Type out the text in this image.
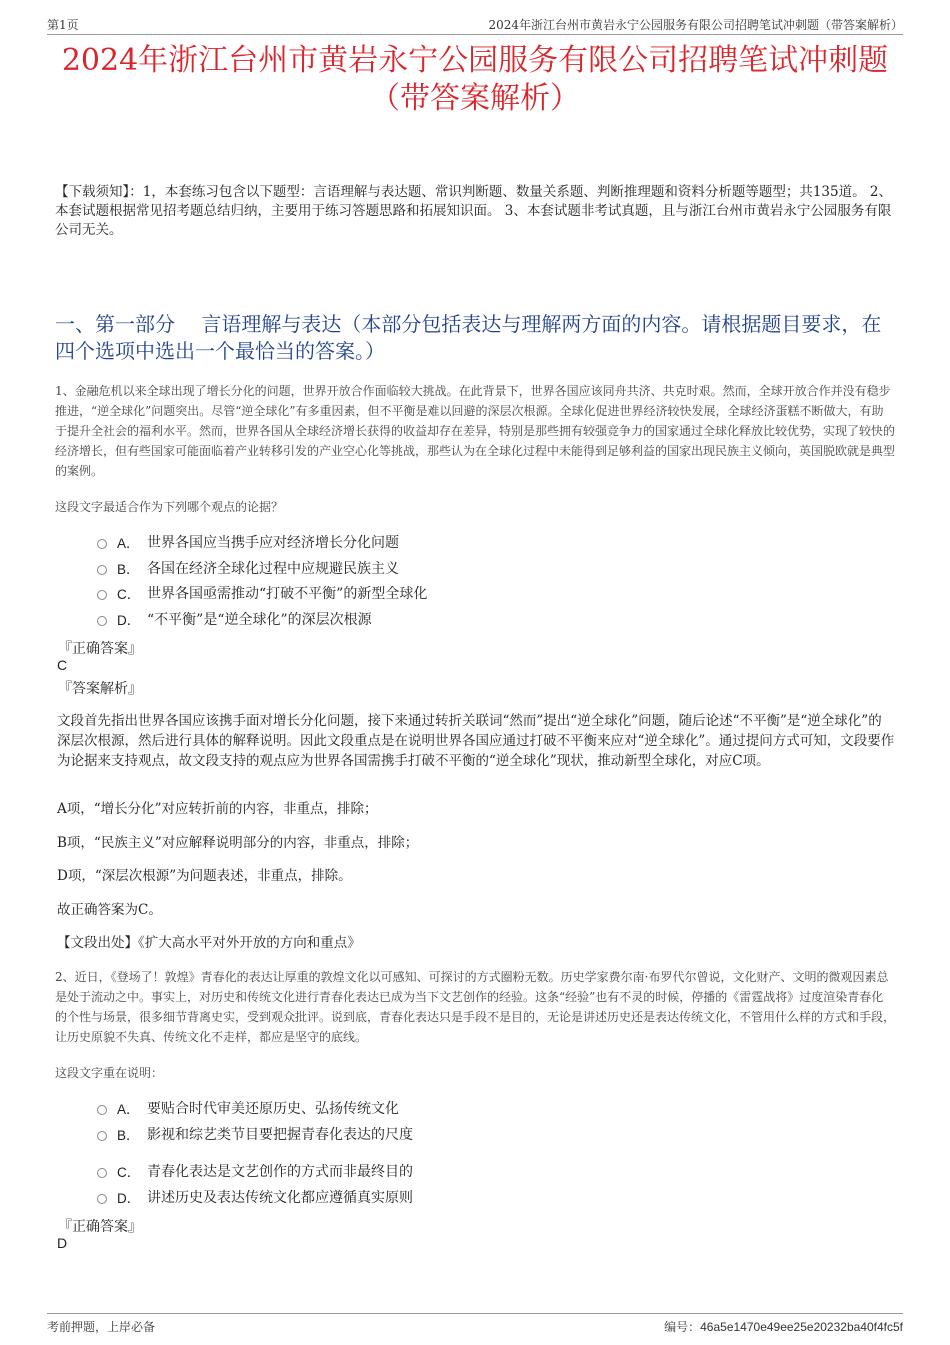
第1页	2024年浙江台州市黄岩永宁公园服务有限公司招聘笔试冲刺题（带答案解析）
2024年浙江台州市黄岩永宁公园服务有限公司招聘笔试冲刺题
（带答案解析）
【下载须知】：1，本套练习包含以下题型：言语理解与表达题、常识判断题、数量关系题、判断推理题和资料分析题等题型；共135道。 2、本套试题根据常见招考题总结归纳，主要用于练习答题思路和拓展知识面。 3、本套试题非考试真题，且与浙江台州市黄岩永宁公园服务有限公司无关。
一、第一部分　 言语理解与表达（本部分包括表达与理解两方面的内容。请根据题目要求，在四个选项中选出一个最恰当的答案。）
1、金融危机以来全球出现了增长分化的问题，世界开放合作面临较大挑战。在此背景下，世界各国应该同舟共济、共克时艰。然而，全球开放合作并没有稳步推进，“逆全球化”问题突出。尽管“逆全球化”有多重因素，但不平衡是难以回避的深层次根源。全球化促进世界经济较快发展，全球经济蛋糕不断做大，有助于提升全社会的福利水平。然而，世界各国从全球经济增长获得的收益却存在差异，特别是那些拥有较强竞争力的国家通过全球化释放比较优势，实现了较快的经济增长，但有些国家可能面临着产业转移引发的产业空心化等挑战，那些认为在全球化过程中未能得到足够利益的国家出现民族主义倾向，英国脱欧就是典型的案例。
这段文字最适合作为下列哪个观点的论据？
A． 世界各国应当携手应对经济增长分化问题
B． 各国在经济全球化过程中应规避民族主义
C． 世界各国亟需推动“打破不平衡”的新型全球化
D． “不平衡”是“逆全球化”的深层次根源
『正确答案』
C
『答案解析』
文段首先指出世界各国应该携手面对增长分化问题，接下来通过转折关联词“然而”提出“逆全球化”问题，随后论述“不平衡”是“逆全球化”的深层次根源，然后进行具体的解释说明。因此文段重点是在说明世界各国应通过打破不平衡来应对“逆全球化”。通过提问方式可知，文段要作为论据来支持观点，故文段支持的观点应为世界各国需携手打破不平衡的“逆全球化”现状，推动新型全球化，对应C项。
A项，“增长分化”对应转折前的内容，非重点，排除；
B项，“民族主义”对应解释说明部分的内容，非重点，排除；
D项，“深层次根源”为问题表述，非重点，排除。
故正确答案为C。
【文段出处】《扩大高水平对外开放的方向和重点》
2、近日，《登场了！敦煌》青春化的表达让厚重的敦煌文化以可感知、可探讨的方式圈粉无数。历史学家费尔南·布罗代尔曾说，文化财产、文明的微观因素总是处于流动之中。事实上，对历史和传统文化进行青春化表达已成为当下文艺创作的经验。这条“经验”也有不灵的时候，停播的《雷霆战将》过度渲染青春化的个性与场景，很多细节背离史实，受到观众批评。说到底，青春化表达只是手段不是目的，无论是讲述历史还是表达传统文化，不管用什么样的方式和手段，让历史原貌不失真、传统文化不走样，都应是坚守的底线。
这段文字重在说明：
A． 要贴合时代审美还原历史、弘扬传统文化
B． 影视和综艺类节目要把握青春化表达的尺度
C． 青春化表达是文艺创作的方式而非最终目的
D． 讲述历史及表达传统文化都应遵循真实原则
『正确答案』
D
考前押题，上岸必备	编号：46a5e1470e49ee25e20232ba40f4fc5f
